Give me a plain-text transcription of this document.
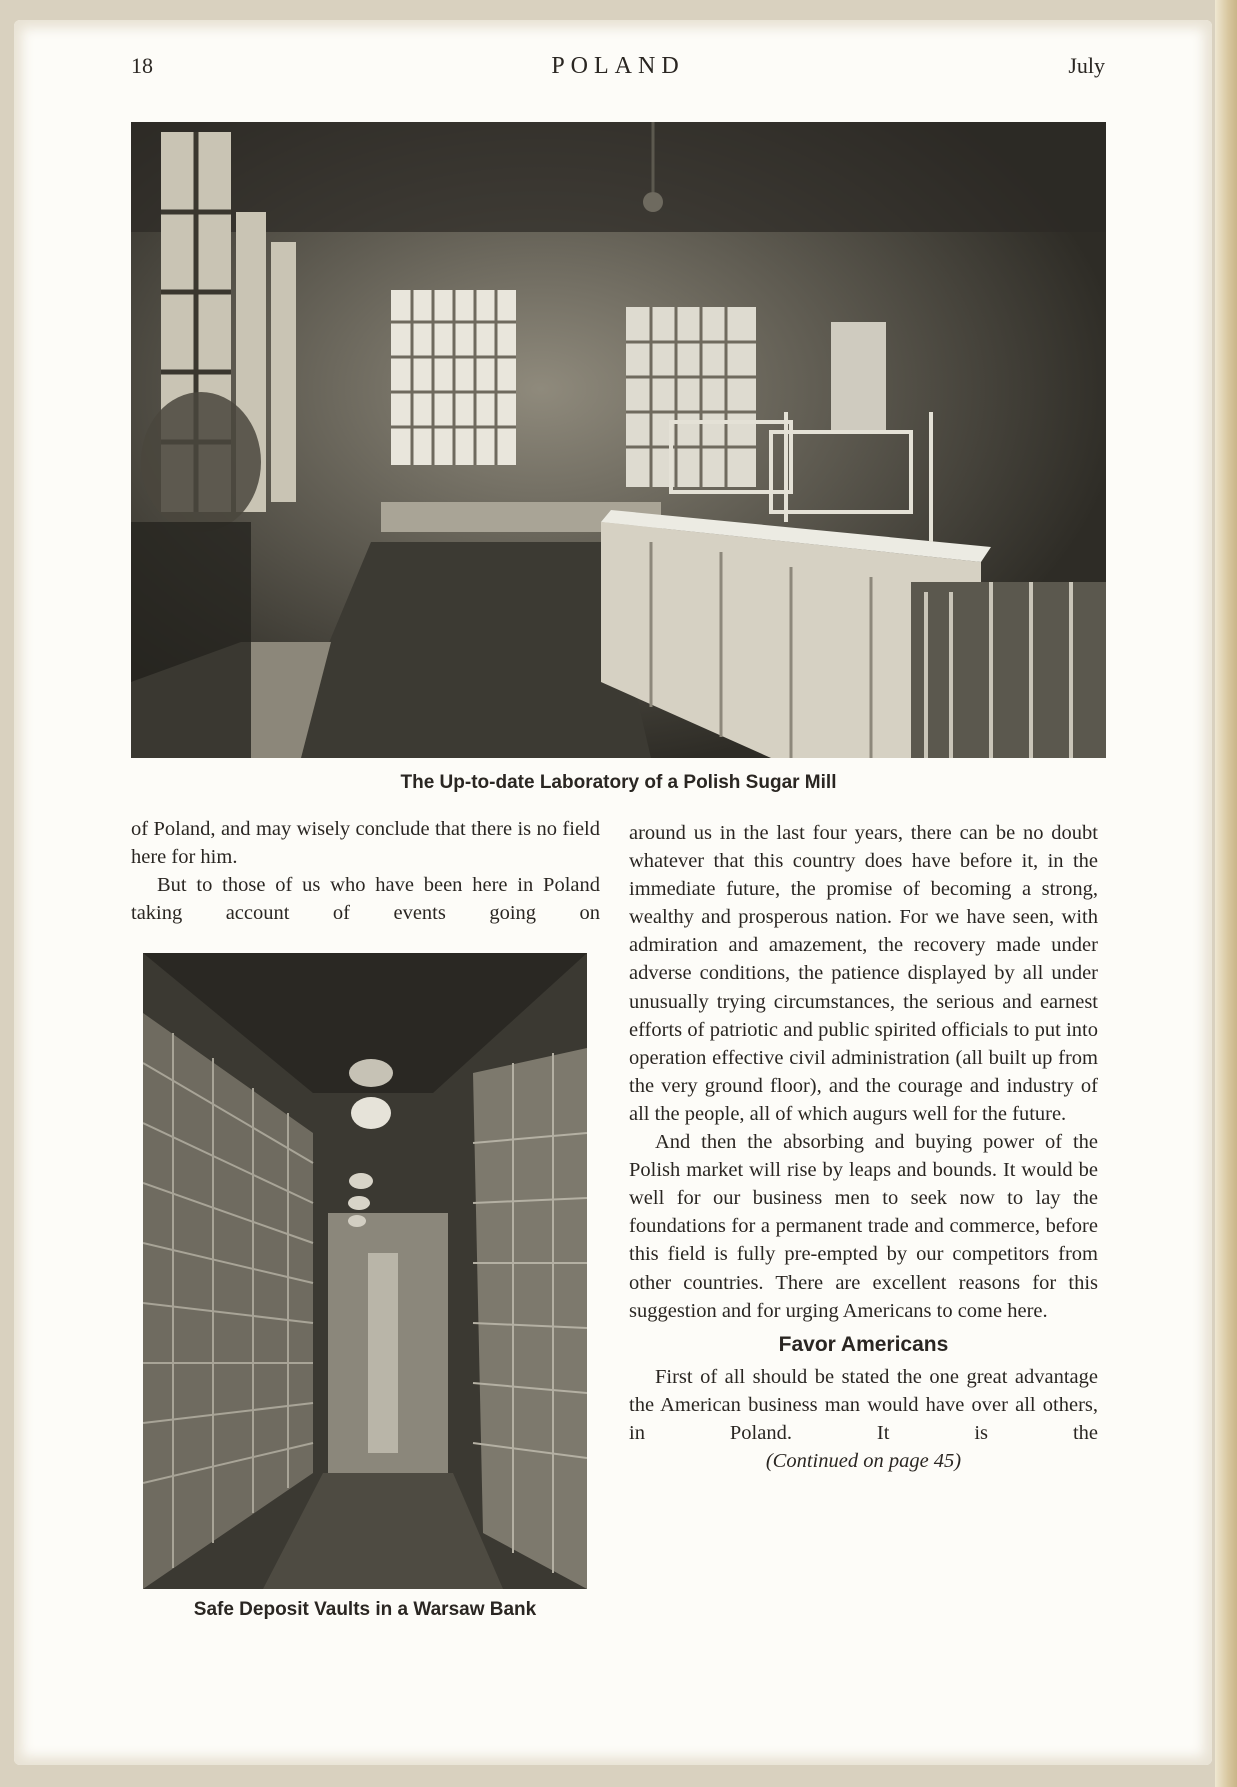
18	POLAND	July
The Up-to-date Laboratory of a Polish Sugar Mill

of Poland, and may wisely conclude that there is no field here for him.

But to those of us who have been here in Poland taking account of events going on

Safe Deposit Vaults in a Warsaw Bank

around us in the last four years, there can be no doubt whatever that this country does have before it, in the immediate future, the promise of becoming a strong, wealthy and prosperous nation. For we have seen, with admiration and amazement, the recovery made under adverse conditions, the patience displayed by all under unusually trying circumstances, the serious and earnest efforts of patriotic and public spirited officials to put into operation effective civil administration (all built up from the very ground floor), and the courage and industry of all the people, all of which augurs well for the future.

And then the absorbing and buying power of the Polish market will rise by leaps and bounds. It would be well for our business men to seek now to lay the foundations for a permanent trade and commerce, before this field is fully pre-empted by our competitors from other countries. There are excellent reasons for this suggestion and for urging Americans to come here.

Favor Americans

First of all should be stated the one great advantage the American business man would have over all others, in Poland. It is the

(Continued on page 45)
